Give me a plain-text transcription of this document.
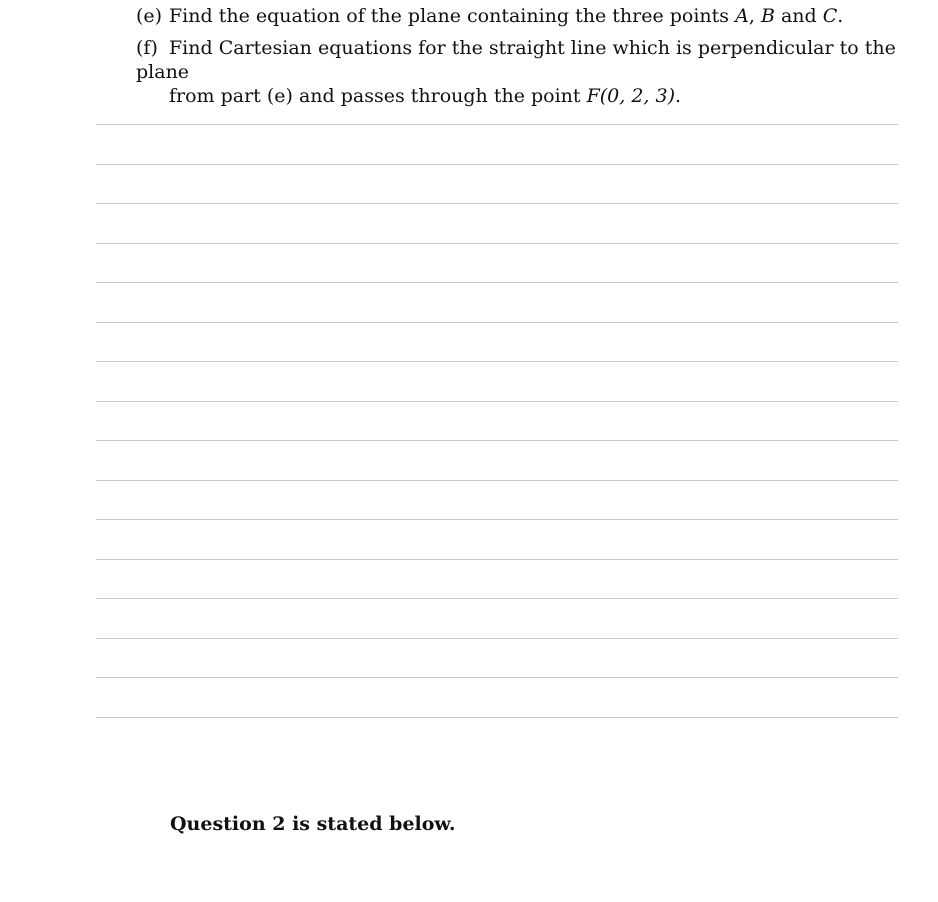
(e) Find the equation of the plane containing the three points A, B and C.
(f) Find Cartesian equations for the straight line which is perpendicular to the plane
from part (e) and passes through the point F(0, 2, 3).
Question 2 is stated below.
